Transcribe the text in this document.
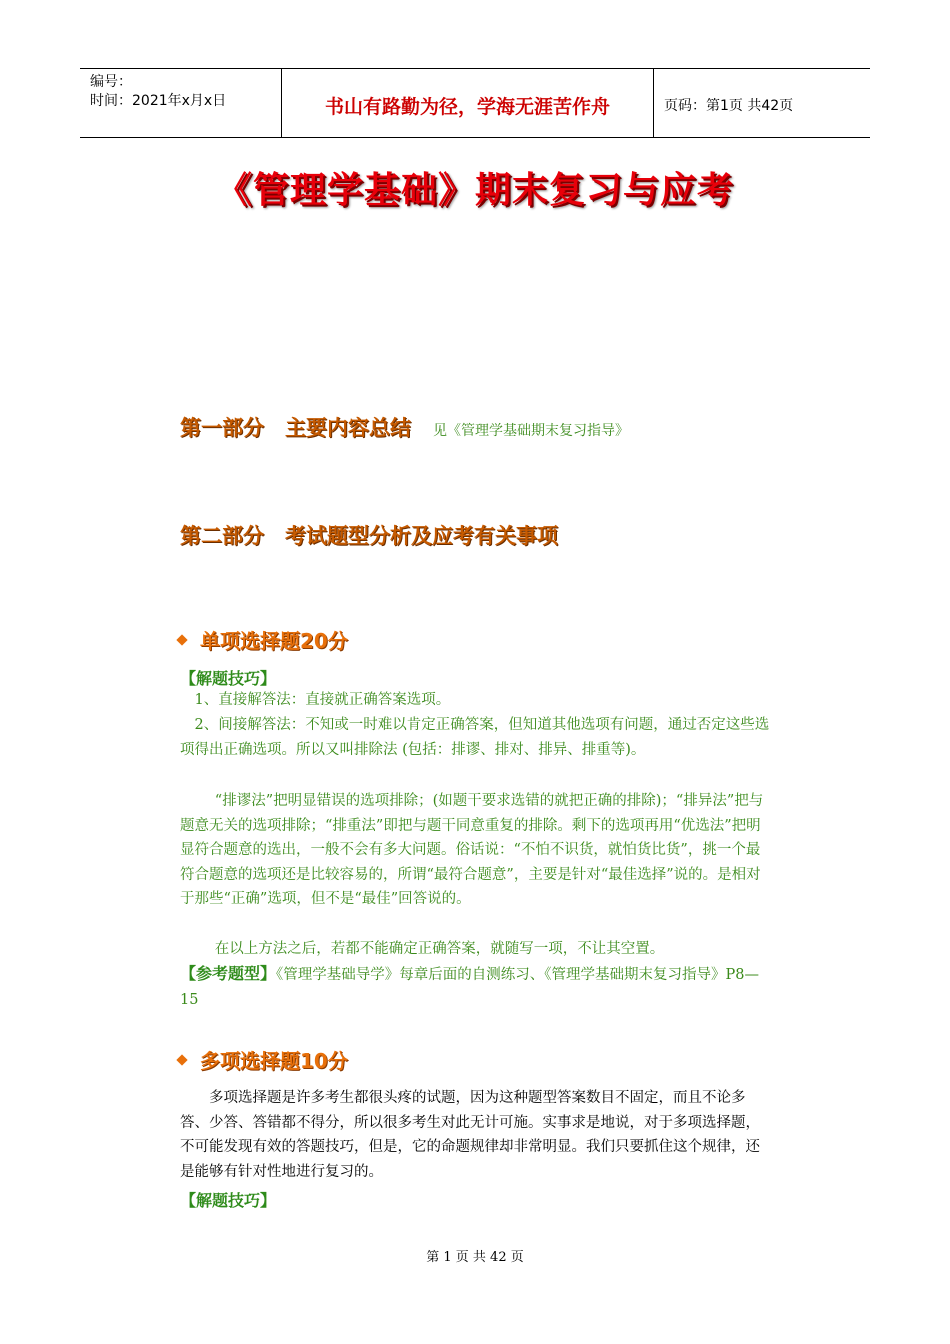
编号：
时间：2021年x月x日	书山有路勤为径，学海无涯苦作舟	页码：第1页 共42页
《管理学基础》期末复习与应考
第一部分　主要内容总结 见《管理学基础期末复习指导》
第二部分　考试题型分析及应考有关事项
单项选择题20分
【解题技巧】
1、直接解答法：直接就正确答案选项。
2、间接解答法：不知或一时难以肯定正确答案，但知道其他选项有问题，通过否定这些选项得出正确选项。所以又叫排除法 (包括：排谬、排对、排异、排重等)。
“排谬法”把明显错误的选项排除；(如题干要求选错的就把正确的排除)；“排异法”把与题意无关的选项排除；“排重法”即把与题干同意重复的排除。剩下的选项再用“优选法”把明显符合题意的选出，一般不会有多大问题。俗话说：“不怕不识货，就怕货比货”，挑一个最符合题意的选项还是比较容易的，所谓“最符合题意”，主要是针对“最佳选择”说的。是相对于那些“正确”选项，但不是“最佳”回答说的。
在以上方法之后，若都不能确定正确答案，就随写一项，不让其空置。
【参考题型】《管理学基础导学》每章后面的自测练习、《管理学基础期末复习指导》P8—15
多项选择题10分
多项选择题是许多考生都很头疼的试题，因为这种题型答案数目不固定，而且不论多答、少答、答错都不得分，所以很多考生对此无计可施。实事求是地说，对于多项选择题，不可能发现有效的答题技巧，但是，它的命题规律却非常明显。我们只要抓住这个规律，还是能够有针对性地进行复习的。
【解题技巧】
第 1 页 共 42 页
